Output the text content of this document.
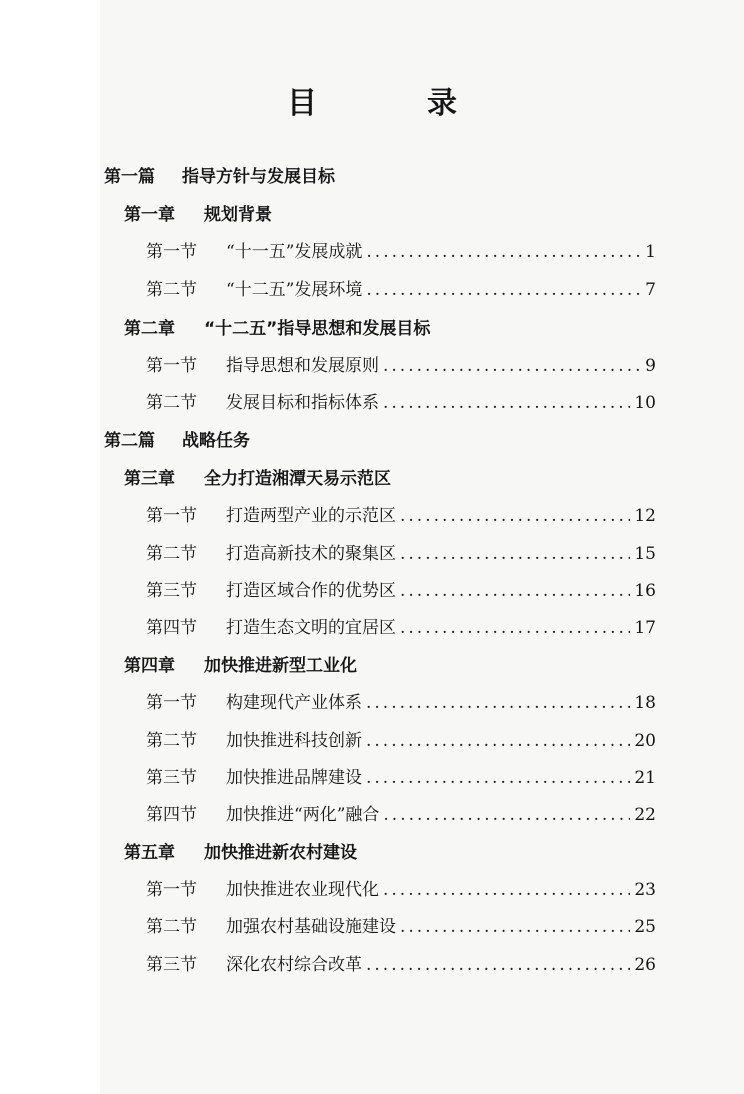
目　录
第一篇 指导方针与发展目标
第一章 规划背景
第一节	“十一五”发展成就 .....	1
第二节	“十二五”发展环境 .....	7
第二章 “十二五”指导思想和发展目标
第一节	指导思想和发展原则 .....	9
第二节	发展目标和指标体系 .....	10
第二篇 战略任务
第三章 全力打造湘潭天易示范区
第一节	打造两型产业的示范区 .....	12
第二节	打造高新技术的聚集区 .....	15
第三节	打造区域合作的优势区 .....	16
第四节	打造生态文明的宜居区 .....	17
第四章 加快推进新型工业化
第一节	构建现代产业体系 .....	18
第二节	加快推进科技创新 .....	20
第三节	加快推进品牌建设 .....	21
第四节	加快推进“两化”融合 .....	22
第五章 加快推进新农村建设
第一节	加快推进农业现代化 .....	23
第二节	加强农村基础设施建设 .....	25
第三节	深化农村综合改革 .....	26
